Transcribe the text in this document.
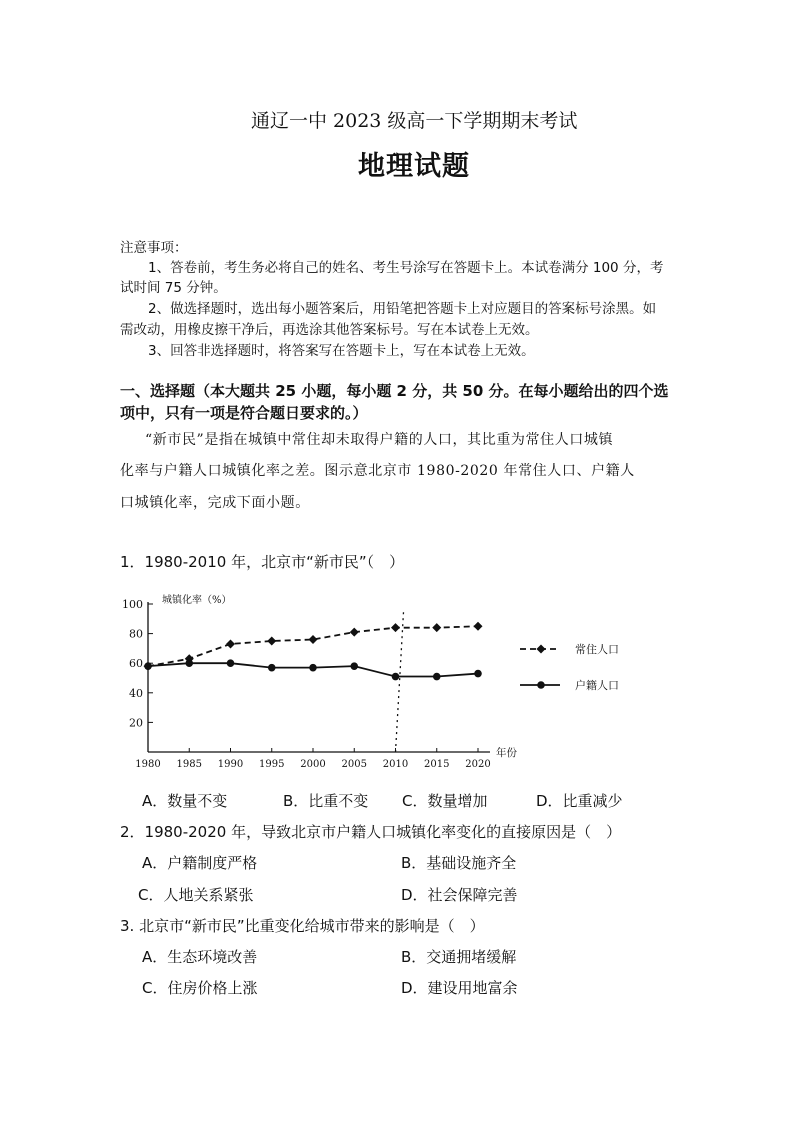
通辽一中 2023 级高一下学期期末考试
地理试题
注意事项：
1、答卷前，考生务必将自己的姓名、考生号涂写在答题卡上。本试卷满分 100 分，考
试时间 75 分钟。
2、做选择题时，选出每小题答案后，用铅笔把答题卡上对应题目的答案标号涂黑。如
需改动，用橡皮擦干净后，再选涂其他答案标号。写在本试卷上无效。
3、回答非选择题时，将答案写在答题卡上，写在本试卷上无效。
一、选择题（本大题共 25 小题，每小题 2 分，共 50 分。在每小题给出的四个选
项中，只有一项是符合题日要求的。）
“新市民”是指在城镇中常住却未取得户籍的人口，其比重为常住人口城镇
化率与户籍人口城镇化率之差。图示意北京市 1980-2020 年常住人口、户籍人
口城镇化率，完成下面小题。
1．1980-2010 年，北京市“新市民”（　）
20
40
60
80
100
1980 1985 1990 1995 2000 2005 2010 2015 2020
城镇化率（%）
年份
常住人口
户籍人口
A．数量不变	B．比重不变 C．数量增加	D．比重减少
2．1980-2020 年，导致北京市户籍人口城镇化率变化的直接原因是（　）
A．户籍制度严格	B．基础设施齐全
C．人地关系紧张	D．社会保障完善
3. 北京市“新市民”比重变化给城市带来的影响是（　）
A．生态环境改善	B．交通拥堵缓解
C．住房价格上涨	D．建设用地富余
